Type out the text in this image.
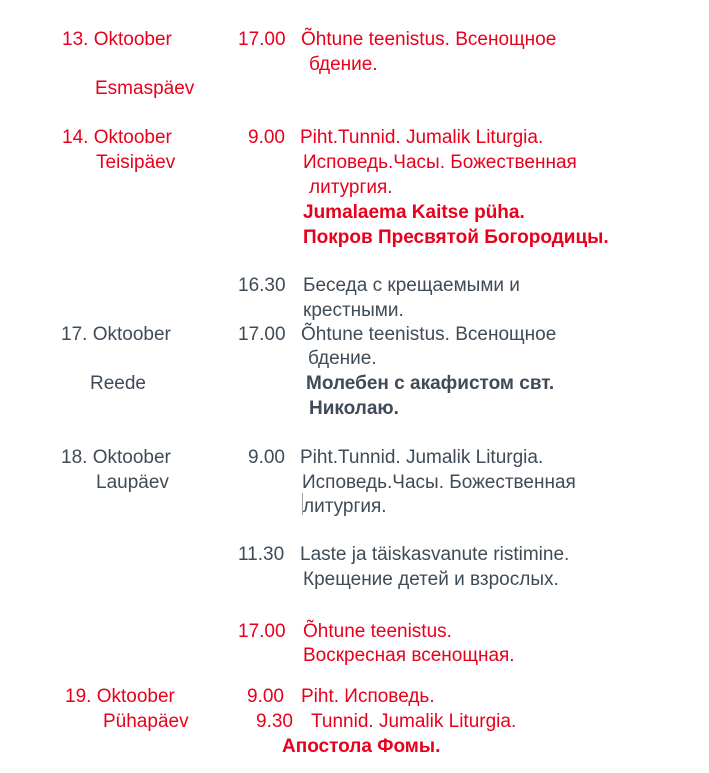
13. Oktoober
Esmaspäev
17.00 Õhtune teenistus. Всенощное
бдение.
14. Oktoober
Teisipäev
9.00 Piht.Tunnid. Jumalik Liturgia.
Исповедь.Часы. Божественная
литургия.
Jumalaema Kaitse püha.
Покров Пресвятой Богородицы.
16.30 Беседа с крещаемыми и
крестными.
17. Oktoober
Reede
17.00 Õhtune teenistus. Всенощное
бдение.
Молебен с акафистом свт.
Николаю.
18. Oktoober
Laupäev
9.00 Piht.Tunnid. Jumalik Liturgia.
Исповедь.Часы. Божественная
литургия.
11.30 Laste ja täiskasvanute ristimine.
Крещение детей и взрослых.
17.00 Õhtune teenistus.
Воскресная всенощная.
19. Oktoober
Pühapäev
9.00 Piht. Исповедь.
9.30 Tunnid. Jumalik Liturgia.
Апостола Фомы.
